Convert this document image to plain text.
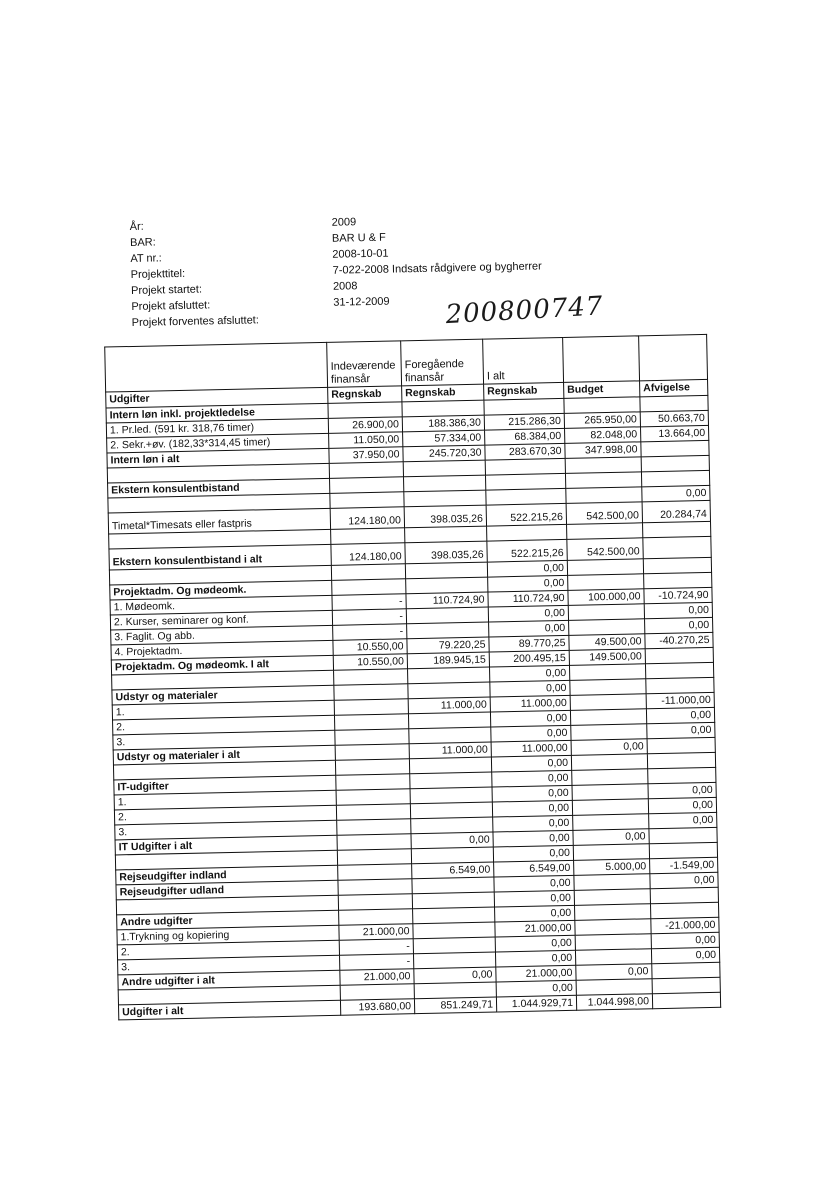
År:	2009
BAR:	BAR U & F
AT nr.:	2008-10-01
Projekttitel:	7-022-2008 Indsats rådgivere og bygherrer
Projekt startet:	2008
Projekt afsluttet:	31-12-2009
Projekt forventes afsluttet:	200800747
	Indeværende finansår	Foregående finansår	I alt		
Udgifter	Regnskab	Regnskab	Regnskab	Budget	Afvigelse
Intern løn inkl. projektledelse					
1. Pr.led. (591 kr. 318,76 timer)	26.900,00	188.386,30	215.286,30	265.950,00	50.663,70
2. Sekr.+øv. (182,33*314,45 timer)	11.050,00	57.334,00	68.384,00	82.048,00	13.664,00
Intern løn i alt	37.950,00	245.720,30	283.670,30	347.998,00	

Ekstern konsulentbistand					
					0,00
Timetal*Timesats eller fastpris	124.180,00	398.035,26	522.215,26	542.500,00	20.284,74

Ekstern konsulentbistand i alt	124.180,00	398.035,26	522.215,26	542.500,00	
			0,00		
Projektadm. Og mødeomk.			0,00		
1. Mødeomk.	-	110.724,90	110.724,90	100.000,00	-10.724,90
2. Kurser, seminarer og konf.	-		0,00		0,00
3. Faglit. Og abb.	-		0,00		0,00
4. Projektadm.	10.550,00	79.220,25	89.770,25	49.500,00	-40.270,25
Projektadm. Og mødeomk. I alt	10.550,00	189.945,15	200.495,15	149.500,00	
			0,00		
Udstyr og materialer			0,00		
1.		11.000,00	11.000,00		-11.000,00
2.			0,00		0,00
3.			0,00		0,00
Udstyr og materialer i alt		11.000,00	11.000,00	0,00	
			0,00		
IT-udgifter			0,00		
1.			0,00		0,00
2.			0,00		0,00
3.			0,00		0,00
IT Udgifter i alt		0,00	0,00	0,00	
			0,00		
Rejseudgifter indland		6.549,00	6.549,00	5.000,00	-1.549,00
Rejseudgifter udland			0,00		0,00
			0,00		
Andre udgifter			0,00		
1.Trykning og kopiering	21.000,00		21.000,00		-21.000,00
2.	-		0,00		0,00
3.	-		0,00		0,00
Andre udgifter i alt	21.000,00	0,00	21.000,00	0,00	
			0,00		
Udgifter i alt	193.680,00	851.249,71	1.044.929,71	1.044.998,00	
